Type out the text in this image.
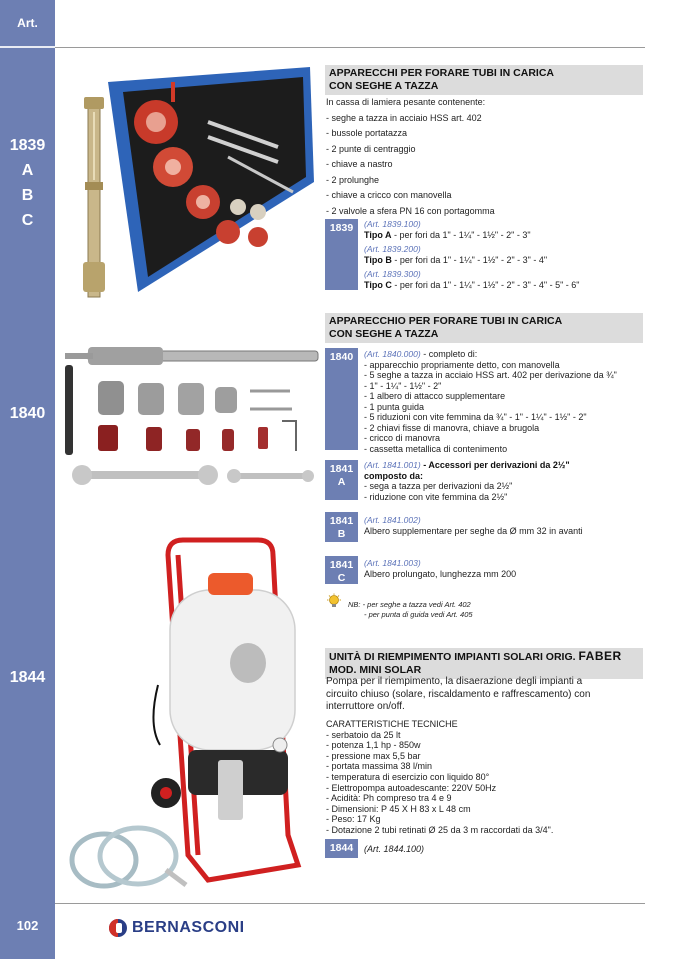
Art.
1839
A
B
C
1840
1844
102
APPARECCHI PER FORARE TUBI IN CARICA
CON SEGHE A TAZZA
In cassa di lamiera pesante contenente:
- seghe a tazza in acciaio HSS art. 402
- bussole portatazza
- 2 punte di centraggio
- chiave a nastro
- 2 prolunghe
- chiave a cricco con manovella
- 2 valvole a sfera PN 16 con portagomma
1839	(Art. 1839.100)
Tipo A - per fori da 1" - 1¼" - 1½" - 2" - 3"
(Art. 1839.200)
Tipo B - per fori da 1" - 1¼" - 1½" - 2" - 3" - 4"
(Art. 1839.300)
Tipo C - per fori da 1" - 1¼" - 1½" - 2" - 3" - 4" - 5" - 6"
APPARECCHIO PER FORARE TUBI IN CARICA
CON SEGHE A TAZZA
1840	(Art. 1840.000) - completo di:
- apparecchio propriamente detto, con manovella
- 5 seghe a tazza in acciaio HSS art. 402 per derivazione da ¾"
- 1" - 1¼" - 1½" - 2"
- 1 albero di attacco supplementare
- 1 punta guida
- 5 riduzioni con vite femmina da ¾" - 1" - 1¼" - 1½" - 2"
- 2 chiavi fisse di manovra, chiave a brugola
- cricco di manovra
- cassetta metallica di contenimento
1841
A
(Art. 1841.001) - Accessori per derivazioni da 2½"
composto da:
- sega a tazza per derivazioni da 2½"
- riduzione con vite femmina da 2½"
1841
B
(Art. 1841.002)
Albero supplementare per seghe da Ø mm 32 in avanti
1841
C
(Art. 1841.003)
Albero prolungato, lunghezza mm 200
NB: - per seghe a tazza vedi Art. 402
- per punta di guida vedi Art. 405
UNITÀ DI RIEMPIMENTO IMPIANTI SOLARI ORIG. FABER
MOD. MINI SOLAR
Pompa per il riempimento, la disaerazione degli impianti a
circuito chiuso (solare, riscaldamento e raffrescamento) con
interruttore on/off.
CARATTERISTICHE TECNICHE
- serbatoio da 25 lt
- potenza 1,1 hp - 850w
- pressione max 5,5 bar
- portata massima 38 l/min
- temperatura di esercizio con liquido 80°
- Elettropompa autoadescante: 220V 50Hz
- Acidità: Ph compreso tra 4 e 9
- Dimensioni: P 45 X H 83 x L 48 cm
- Peso: 17 Kg
- Dotazione 2 tubi retinati Ø 25 da 3 m raccordati da 3/4".
1844	(Art. 1844.100)
BERNASCONI
